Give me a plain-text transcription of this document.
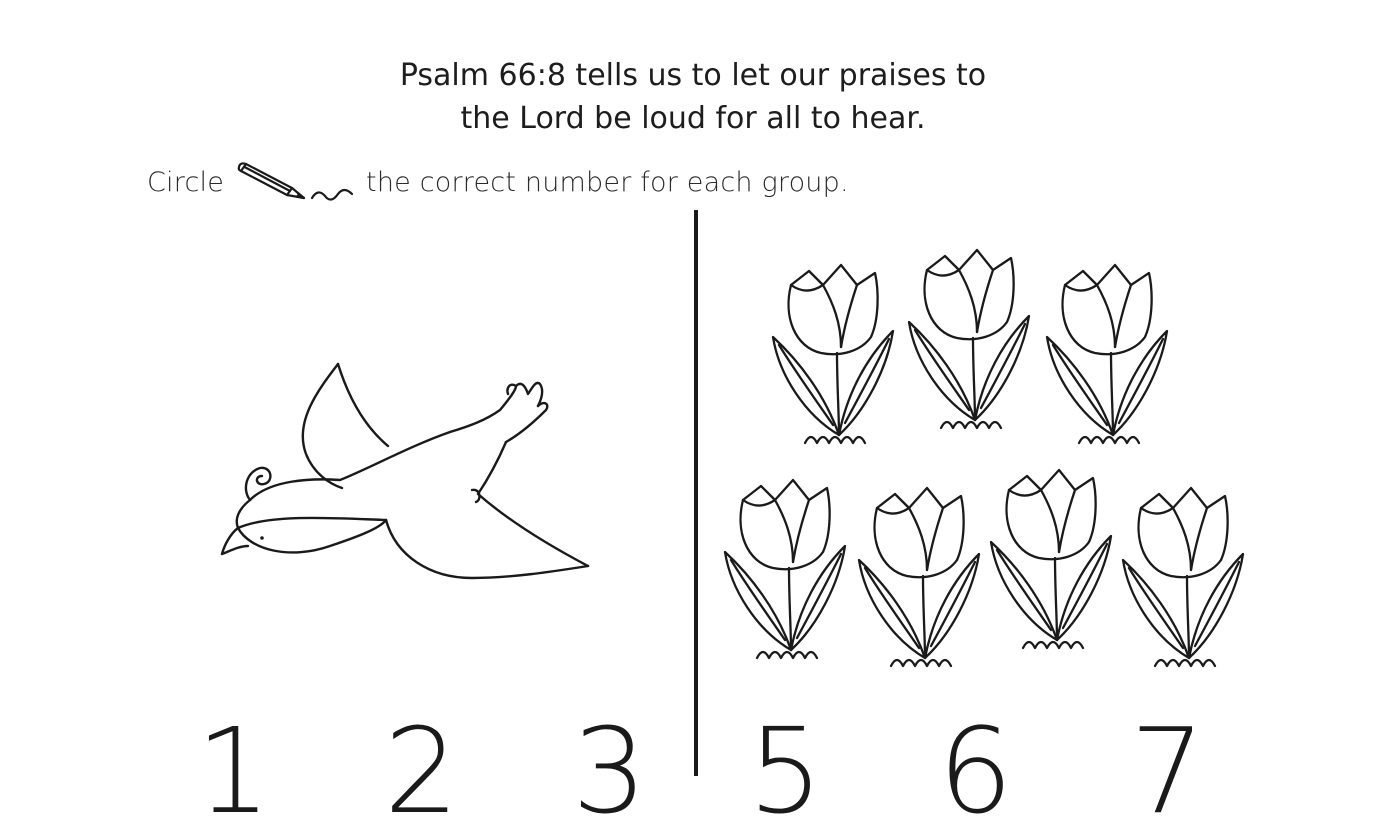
Psalm 66:8 tells us to let our praises to
the Lord be loud for all to hear.
Circle	the correct number for each group.
1 2 3 5 6 7
